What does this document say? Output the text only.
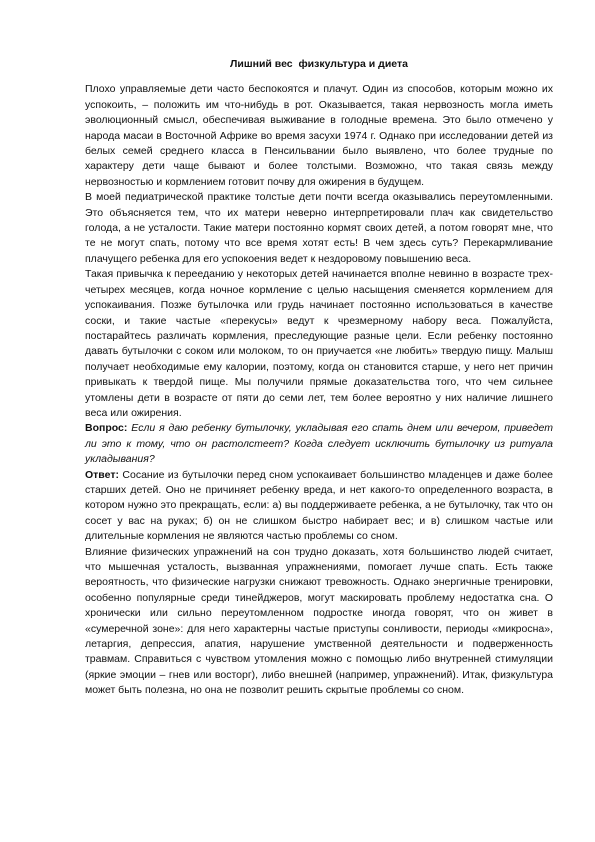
Лишний вес  физкультура и диета

Плохо управляемые дети часто беспокоятся и плачут. Один из способов, которым можно их успокоить, – положить им что-нибудь в рот. Оказывается, такая нервозность могла иметь эволюционный смысл, обеспечивая выживание в голодные времена. Это было отмечено у народа масаи в Восточной Африке во время засухи 1974 г. Однако при исследовании детей из белых семей среднего класса в Пенсильвании было выявлено, что более трудные по характеру дети чаще бывают и более толстыми. Возможно, что такая связь между нервозностью и кормлением готовит почву для ожирения в будущем.

В моей педиатрической практике толстые дети почти всегда оказывались переутомленными. Это объясняется тем, что их матери неверно интерпретировали плач как свидетельство голода, а не усталости. Такие матери постоянно кормят своих детей, а потом говорят мне, что те не могут спать, потому что все время хотят есть! В чем здесь суть? Перекармливание плачущего ребенка для его успокоения ведет к нездоровому повышению веса.

Такая привычка к перееданию у некоторых детей начинается вполне невинно в возрасте трех-четырех месяцев, когда ночное кормление с целью насыщения сменяется кормлением для успокаивания. Позже бутылочка или грудь начинает постоянно использоваться в качестве соски, и такие частые «перекусы» ведут к чрезмерному набору веса. Пожалуйста, постарайтесь различать кормления, преследующие разные цели. Если ребенку постоянно давать бутылочки с соком или молоком, то он приучается «не любить» твердую пищу. Малыш получает необходимые ему калории, поэтому, когда он становится старше, у него нет причин привыкать к твердой пище. Мы получили прямые доказательства того, что чем сильнее утомлены дети в возрасте от пяти до семи лет, тем более вероятно у них наличие лишнего веса или ожирения.

Вопрос: Если я даю ребенку бутылочку, укладывая его спать днем или вечером, приведет ли это к тому, что он растолстеет? Когда следует исключить бутылочку из ритуала укладывания?

Ответ: Сосание из бутылочки перед сном успокаивает большинство младенцев и даже более старших детей. Оно не причиняет ребенку вреда, и нет какого-то определенного возраста, в котором нужно это прекращать, если: а) вы поддерживаете ребенка, а не бутылочку, так что он сосет у вас на руках; б) он не слишком быстро набирает вес; и в) слишком частые или длительные кормления не являются частью проблемы со сном.

Влияние физических упражнений на сон трудно доказать, хотя большинство людей считает, что мышечная усталость, вызванная упражнениями, помогает лучше спать. Есть также вероятность, что физические нагрузки снижают тревожность. Однако энергичные тренировки, особенно популярные среди тинейджеров, могут маскировать проблему недостатка сна. О хронически или сильно переутомленном подростке иногда говорят, что он живет в «сумеречной зоне»: для него характерны частые приступы сонливости, периоды «микросна», летаргия, депрессия, апатия, нарушение умственной деятельности и подверженность травмам. Справиться с чувством утомления можно с помощью либо внутренней стимуляции (яркие эмоции – гнев или восторг), либо внешней (например, упражнений). Итак, физкультура может быть полезна, но она не позволит решить скрытые проблемы со сном.
